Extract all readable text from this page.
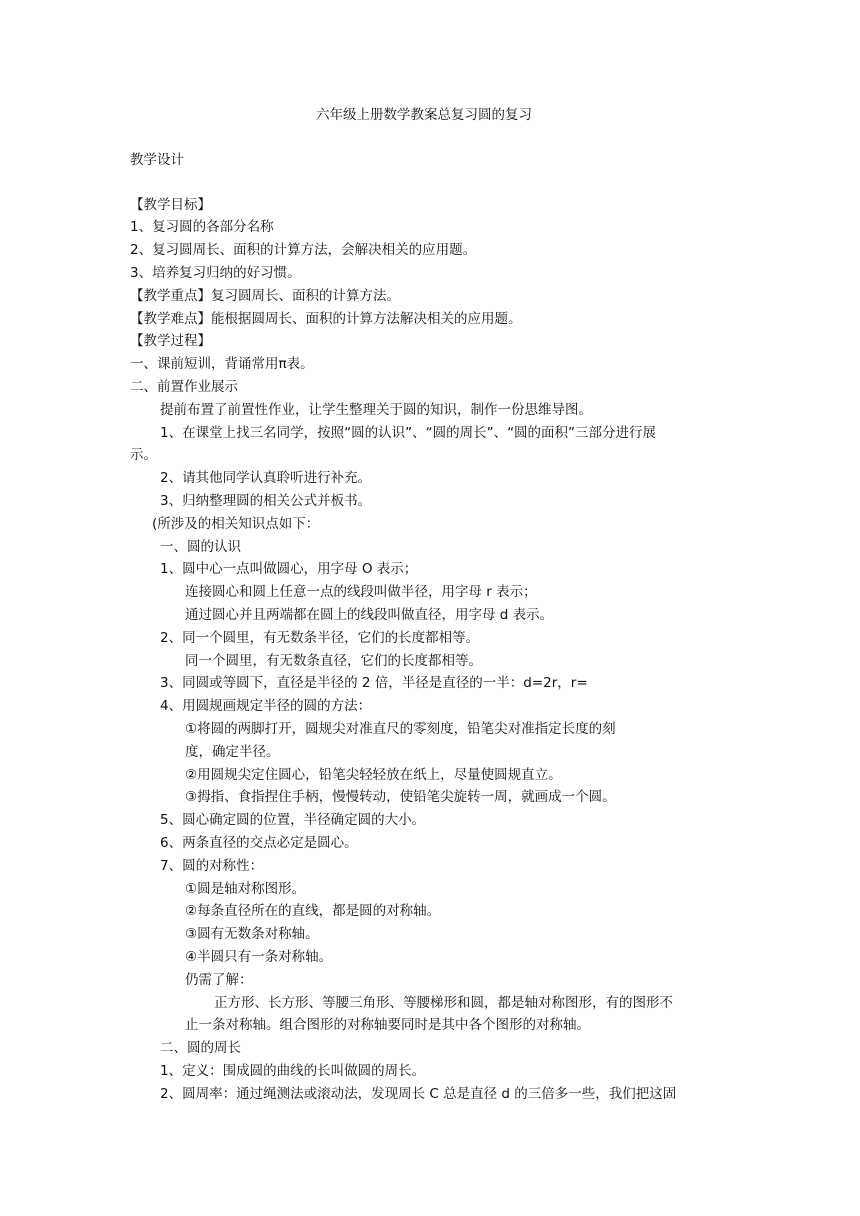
六年级上册数学教案总复习圆的复习
教学设计
【教学目标】
1、复习圆的各部分名称
2、复习圆周长、面积的计算方法，会解决相关的应用题。
3、培养复习归纳的好习惯。
【教学重点】复习圆周长、面积的计算方法。
【教学难点】能根据圆周长、面积的计算方法解决相关的应用题。
【教学过程】
一、课前短训，背诵常用π表。
二、前置作业展示
提前布置了前置性作业，让学生整理关于圆的知识，制作一份思维导图。
1、在课堂上找三名同学，按照“圆的认识”、“圆的周长”、“圆的面积”三部分进行展
示。
2、请其他同学认真聆听进行补充。
3、归纳整理圆的相关公式并板书。
(所涉及的相关知识点如下：
一、圆的认识
1、圆中心一点叫做圆心，用字母 O 表示；
连接圆心和圆上任意一点的线段叫做半径，用字母 r 表示；
通过圆心并且两端都在圆上的线段叫做直径，用字母 d 表示。
2、同一个圆里，有无数条半径，它们的长度都相等。
同一个圆里，有无数条直径，它们的长度都相等。
3、同圆或等圆下，直径是半径的 2 倍，半径是直径的一半：d=2r，r=
4、用圆规画规定半径的圆的方法：
①将圆的两脚打开，圆规尖对准直尺的零刻度，铅笔尖对准指定长度的刻
度，确定半径。
②用圆规尖定住圆心，铅笔尖轻轻放在纸上，尽量使圆规直立。
③拇指、食指捏住手柄，慢慢转动，使铅笔尖旋转一周，就画成一个圆。
5、圆心确定圆的位置，半径确定圆的大小。
6、两条直径的交点必定是圆心。
7、圆的对称性：
①圆是轴对称图形。
②每条直径所在的直线，都是圆的对称轴。
③圆有无数条对称轴。
④半圆只有一条对称轴。
仍需了解：
正方形、长方形、等腰三角形、等腰梯形和圆，都是轴对称图形，有的图形不
止一条对称轴。组合图形的对称轴要同时是其中各个图形的对称轴。
二、圆的周长
1、定义：围成圆的曲线的长叫做圆的周长。
2、圆周率：通过绳测法或滚动法，发现周长 C 总是直径 d 的三倍多一些，我们把这固
